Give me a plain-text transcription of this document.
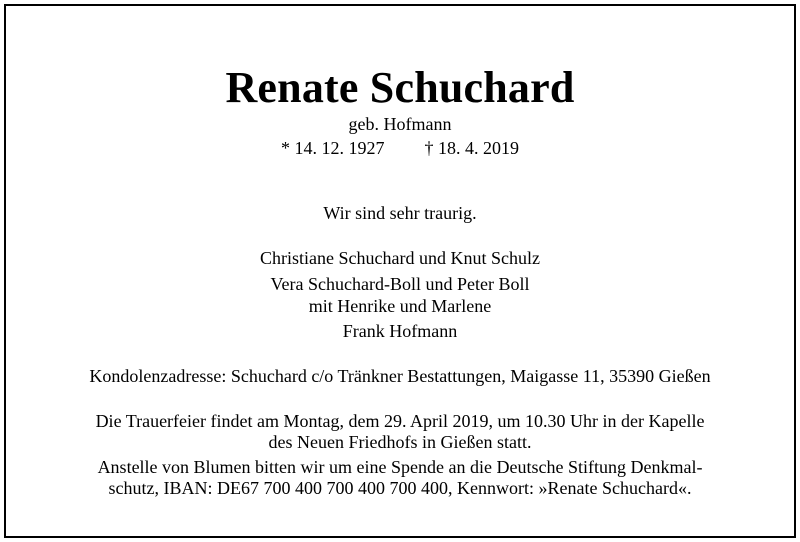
Renate Schuchard
geb. Hofmann
* 14. 12. 1927 † 18. 4. 2019
Wir sind sehr traurig.
Christiane Schuchard und Knut Schulz
Vera Schuchard-Boll und Peter Boll
mit Henrike und Marlene
Frank Hofmann
Kondolenzadresse: Schuchard c/o Tränkner Bestattungen, Maigasse 11, 35390 Gießen
Die Trauerfeier findet am Montag, dem 29. April 2019, um 10.30 Uhr in der Kapelle
des Neuen Friedhofs in Gießen statt.
Anstelle von Blumen bitten wir um eine Spende an die Deutsche Stiftung Denkmal-
schutz, IBAN: DE67 700 400 700 400 700 400, Kennwort: »Renate Schuchard«.
